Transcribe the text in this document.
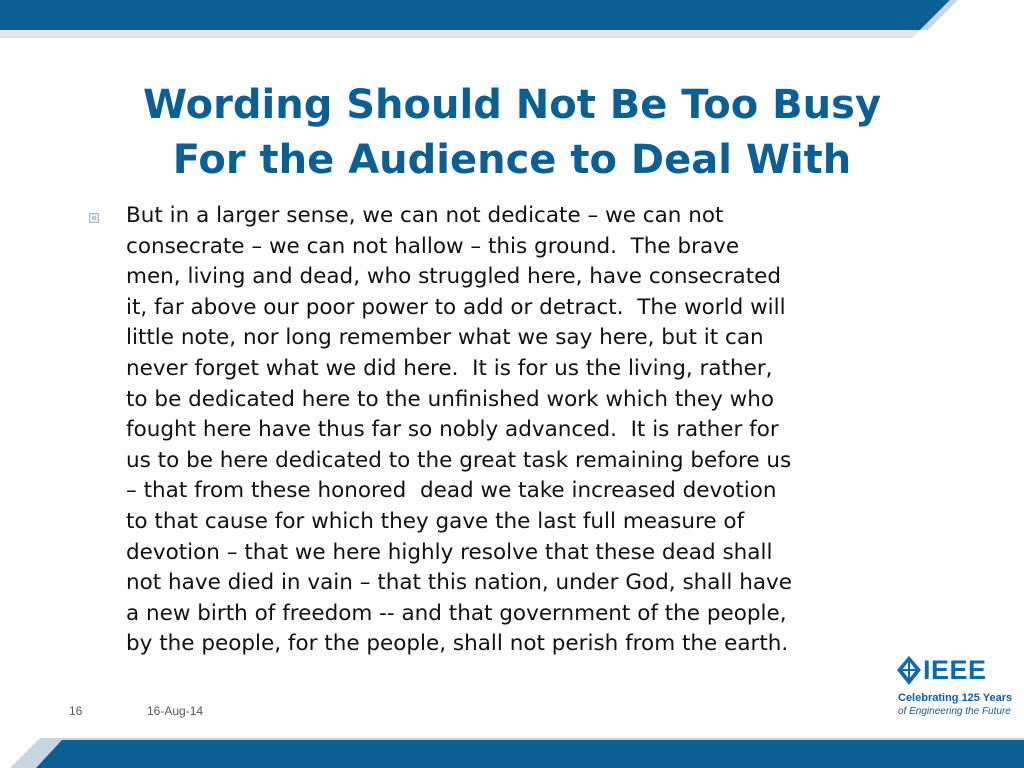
Wording Should Not Be Too Busy
For the Audience to Deal With
But in a larger sense, we can not dedicate – we can not
consecrate – we can not hallow – this ground.  The brave
men, living and dead, who struggled here, have consecrated
it, far above our poor power to add or detract.  The world will
little note, nor long remember what we say here, but it can
never forget what we did here.  It is for us the living, rather,
to be dedicated here to the unfinished work which they who
fought here have thus far so nobly advanced.  It is rather for
us to be here dedicated to the great task remaining before us
– that from these honored  dead we take increased devotion
to that cause for which they gave the last full measure of
devotion – that we here highly resolve that these dead shall
not have died in vain – that this nation, under God, shall have
a new birth of freedom -- and that government of the people,
by the people, for the people, shall not perish from the earth.
16	16-Aug-14
IEEE
Celebrating 125 Years
of Engineering the Future
